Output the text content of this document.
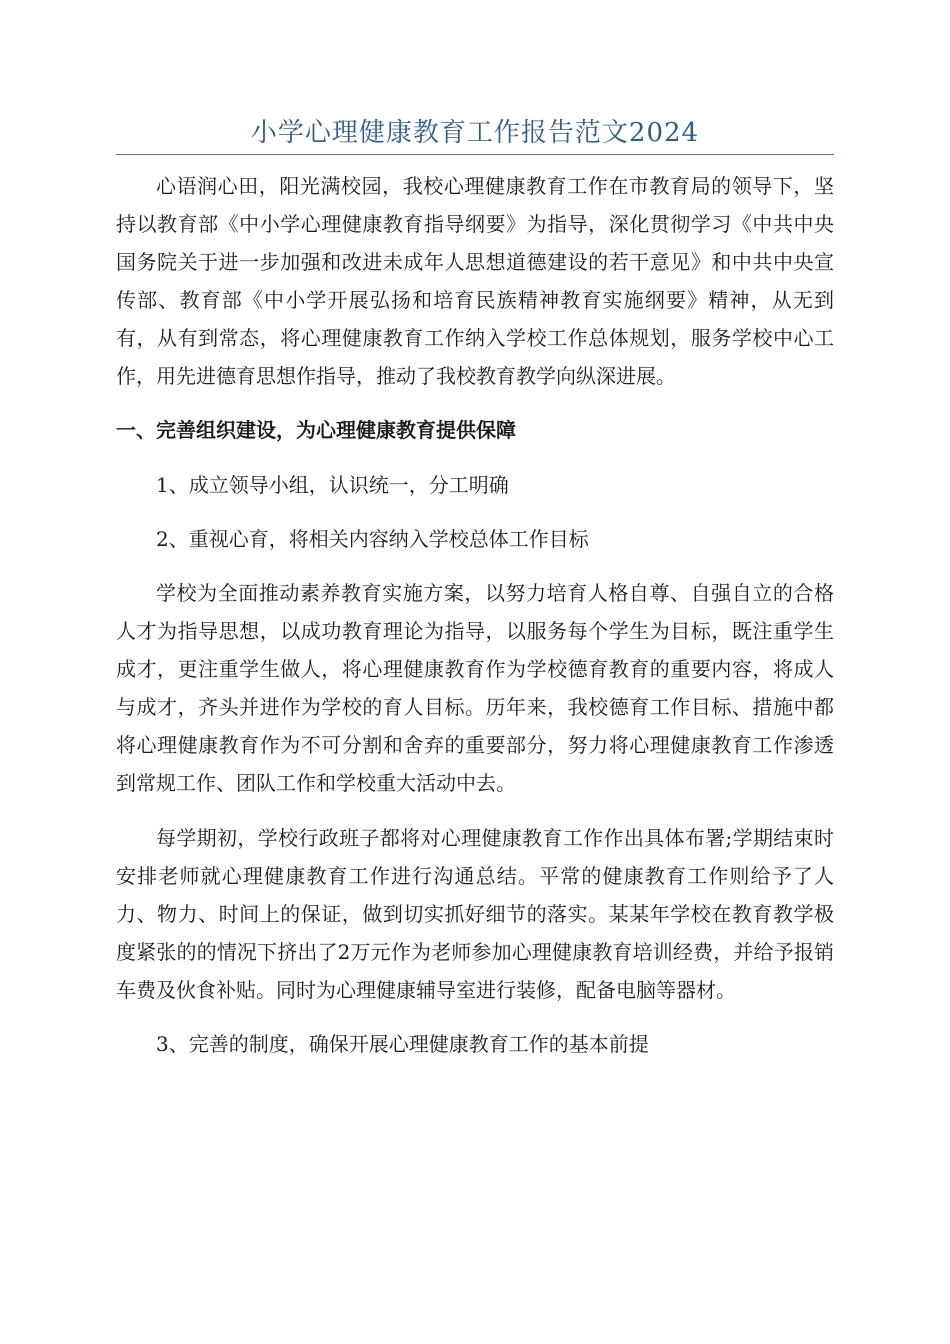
小学心理健康教育工作报告范文2024

心语润心田，阳光满校园，我校心理健康教育工作在市教育局的领导下，坚持以教育部《中小学心理健康教育指导纲要》为指导，深化贯彻学习《中共中央国务院关于进一步加强和改进未成年人思想道德建设的若干意见》和中共中央宣传部、教育部《中小学开展弘扬和培育民族精神教育实施纲要》精神，从无到有，从有到常态，将心理健康教育工作纳入学校工作总体规划，服务学校中心工作，用先进德育思想作指导，推动了我校教育教学向纵深进展。

一、完善组织建设，为心理健康教育提供保障

1、成立领导小组，认识统一，分工明确

2、重视心育，将相关内容纳入学校总体工作目标

学校为全面推动素养教育实施方案，以努力培育人格自尊、自强自立的合格人才为指导思想，以成功教育理论为指导，以服务每个学生为目标，既注重学生成才，更注重学生做人，将心理健康教育作为学校德育教育的重要内容，将成人与成才，齐头并进作为学校的育人目标。历年来，我校德育工作目标、措施中都将心理健康教育作为不可分割和舍弃的重要部分，努力将心理健康教育工作渗透到常规工作、团队工作和学校重大活动中去。

每学期初，学校行政班子都将对心理健康教育工作作出具体布署;学期结束时安排老师就心理健康教育工作进行沟通总结。平常的健康教育工作则给予了人力、物力、时间上的保证，做到切实抓好细节的落实。某某年学校在教育教学极度紧张的的情况下挤出了2万元作为老师参加心理健康教育培训经费，并给予报销车费及伙食补贴。同时为心理健康辅导室进行装修，配备电脑等器材。

3、完善的制度，确保开展心理健康教育工作的基本前提
